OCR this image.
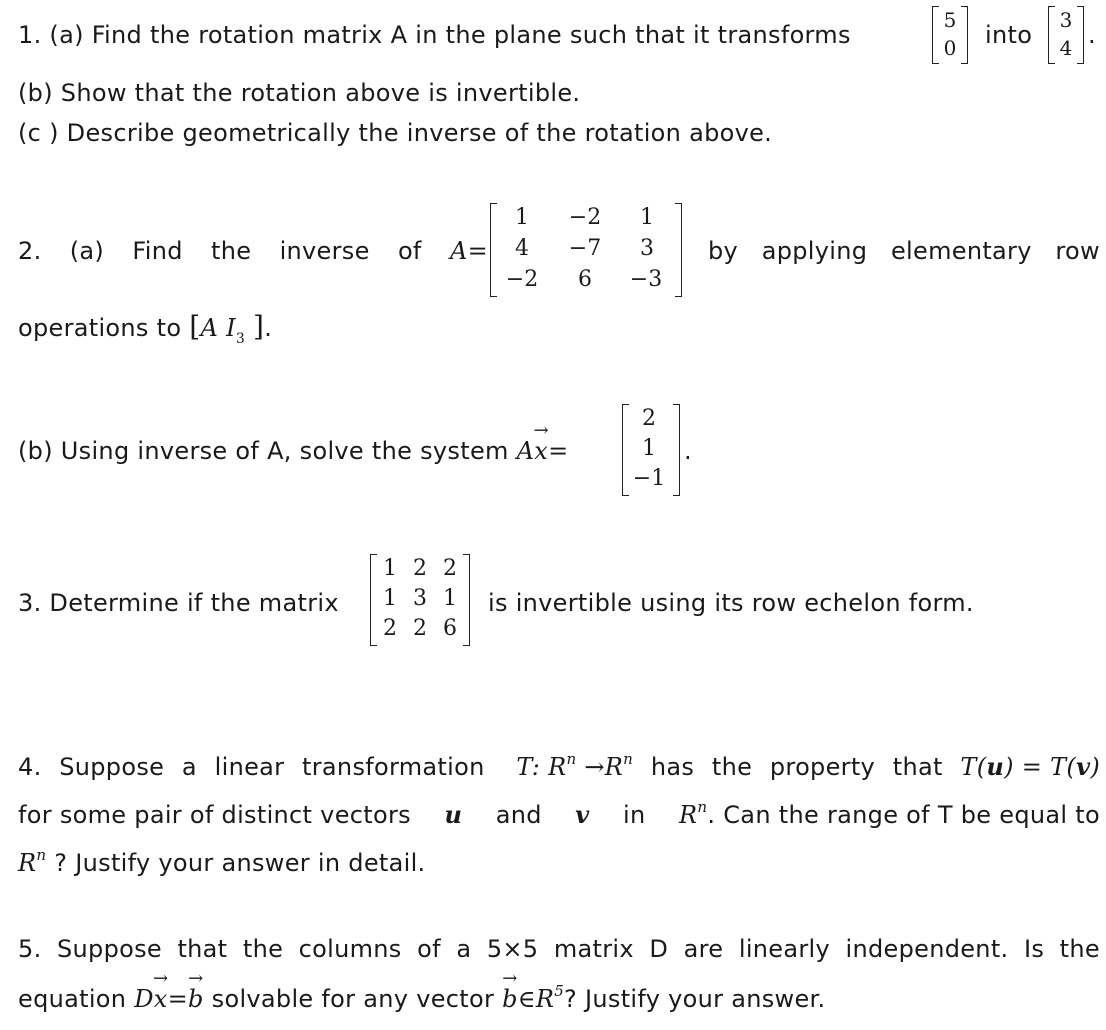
1. (a) Find the rotation matrix A in the plane such that it transforms
5
0	into
3
4 .
(b) Show that the rotation above is invertible.
(c ) Describe geometrically the inverse of the rotation above.
2. (a) Find the inverse of A=
1	−2	1
4	−7	3
−2	6	−3
by applying elementary row
operations to [A $I_3$ ].
(b) Using inverse of A, solve the system A→ x=
2
1
−1
.
3. Determine if the matrix
1 2 2
1 3 1
2 2 6
is invertible using its row echelon form.
4. Suppose a linear transformation T: $R^n \to R^n$ has the property that T(u) = T(v)
for some pair of distinct vectors u and v in $R^n$. Can the range of T be equal to
$R^n$ ? Justify your answer in detail.
5. Suppose that the columns of a 5×5 matrix D are linearly independent. Is the
equation D→ x=→ b solvable for any vector → $b\in R^5$? Justify your answer.
